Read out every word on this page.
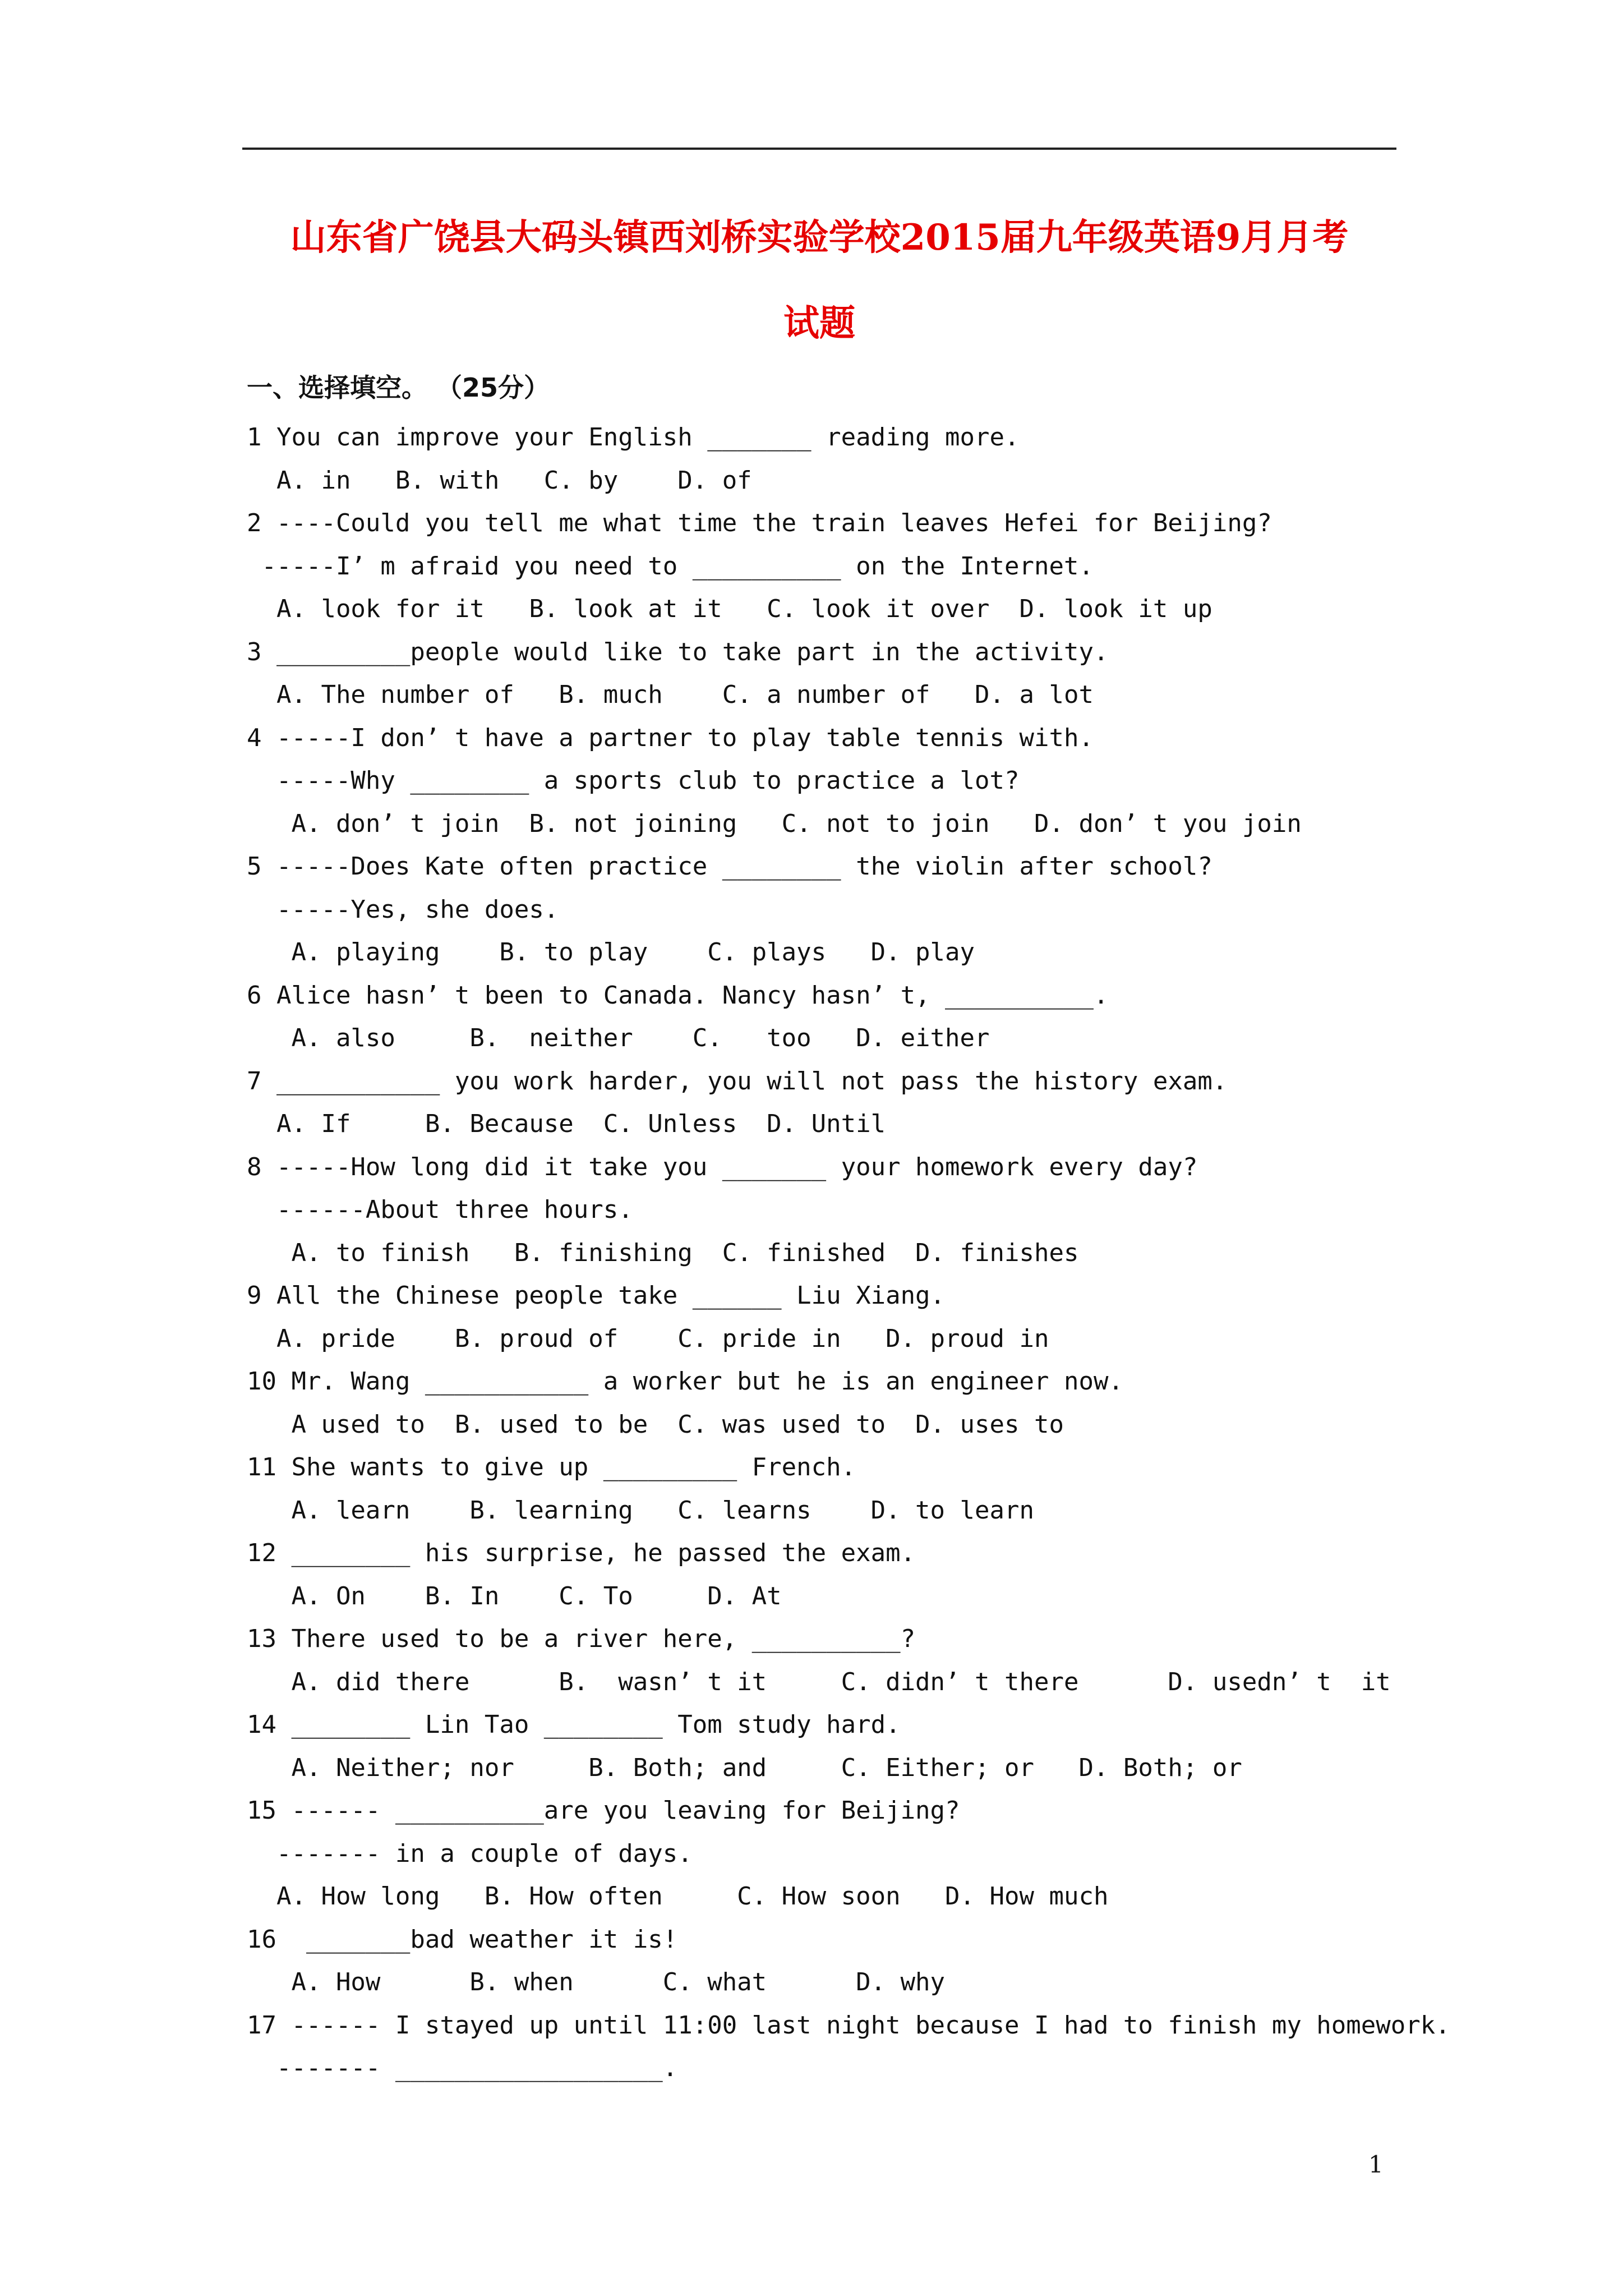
山东省广饶县大码头镇西刘桥实验学校2015届九年级英语9月月考
试题
一、选择填空。 （25分）
1 You can improve your English _______ reading more.
A. in   B. with   C. by    D. of
2 ----Could you tell me what time the train leaves Hefei for Beijing?
-----I’ m afraid you need to __________ on the Internet.
A. look for it   B. look at it   C. look it over  D. look it up
3 _________people would like to take part in the activity.
A. The number of   B. much    C. a number of   D. a lot
4 -----I don’ t have a partner to play table tennis with.
-----Why ________ a sports club to practice a lot?
A. don’ t join  B. not joining   C. not to join   D. don’ t you join
5 -----Does Kate often practice ________ the violin after school?
-----Yes, she does.
A. playing    B. to play    C. plays   D. play
6 Alice hasn’ t been to Canada. Nancy hasn’ t, __________.
A. also     B.  neither    C.   too   D. either
7 ___________ you work harder, you will not pass the history exam.
A. If     B. Because  C. Unless  D. Until
8 -----How long did it take you _______ your homework every day?
------About three hours.
A. to finish   B. finishing  C. finished  D. finishes
9 All the Chinese people take ______ Liu Xiang.
A. pride    B. proud of    C. pride in   D. proud in
10 Mr. Wang ___________ a worker but he is an engineer now.
A used to  B. used to be  C. was used to  D. uses to
11 She wants to give up _________ French.
A. learn    B. learning   C. learns    D. to learn
12 ________ his surprise, he passed the exam.
A. On    B. In    C. To     D. At
13 There used to be a river here, __________?
A. did there      B.  wasn’ t it     C. didn’ t there      D. usedn’ t  it
14 ________ Lin Tao ________ Tom study hard.
A. Neither; nor     B. Both; and     C. Either; or   D. Both; or
15 ------ __________are you leaving for Beijing?
------- in a couple of days.
A. How long   B. How often     C. How soon   D. How much
16  _______bad weather it is!
A. How      B. when      C. what      D. why
17 ------ I stayed up until 11:00 last night because I had to finish my homework.
------- __________________.
1
